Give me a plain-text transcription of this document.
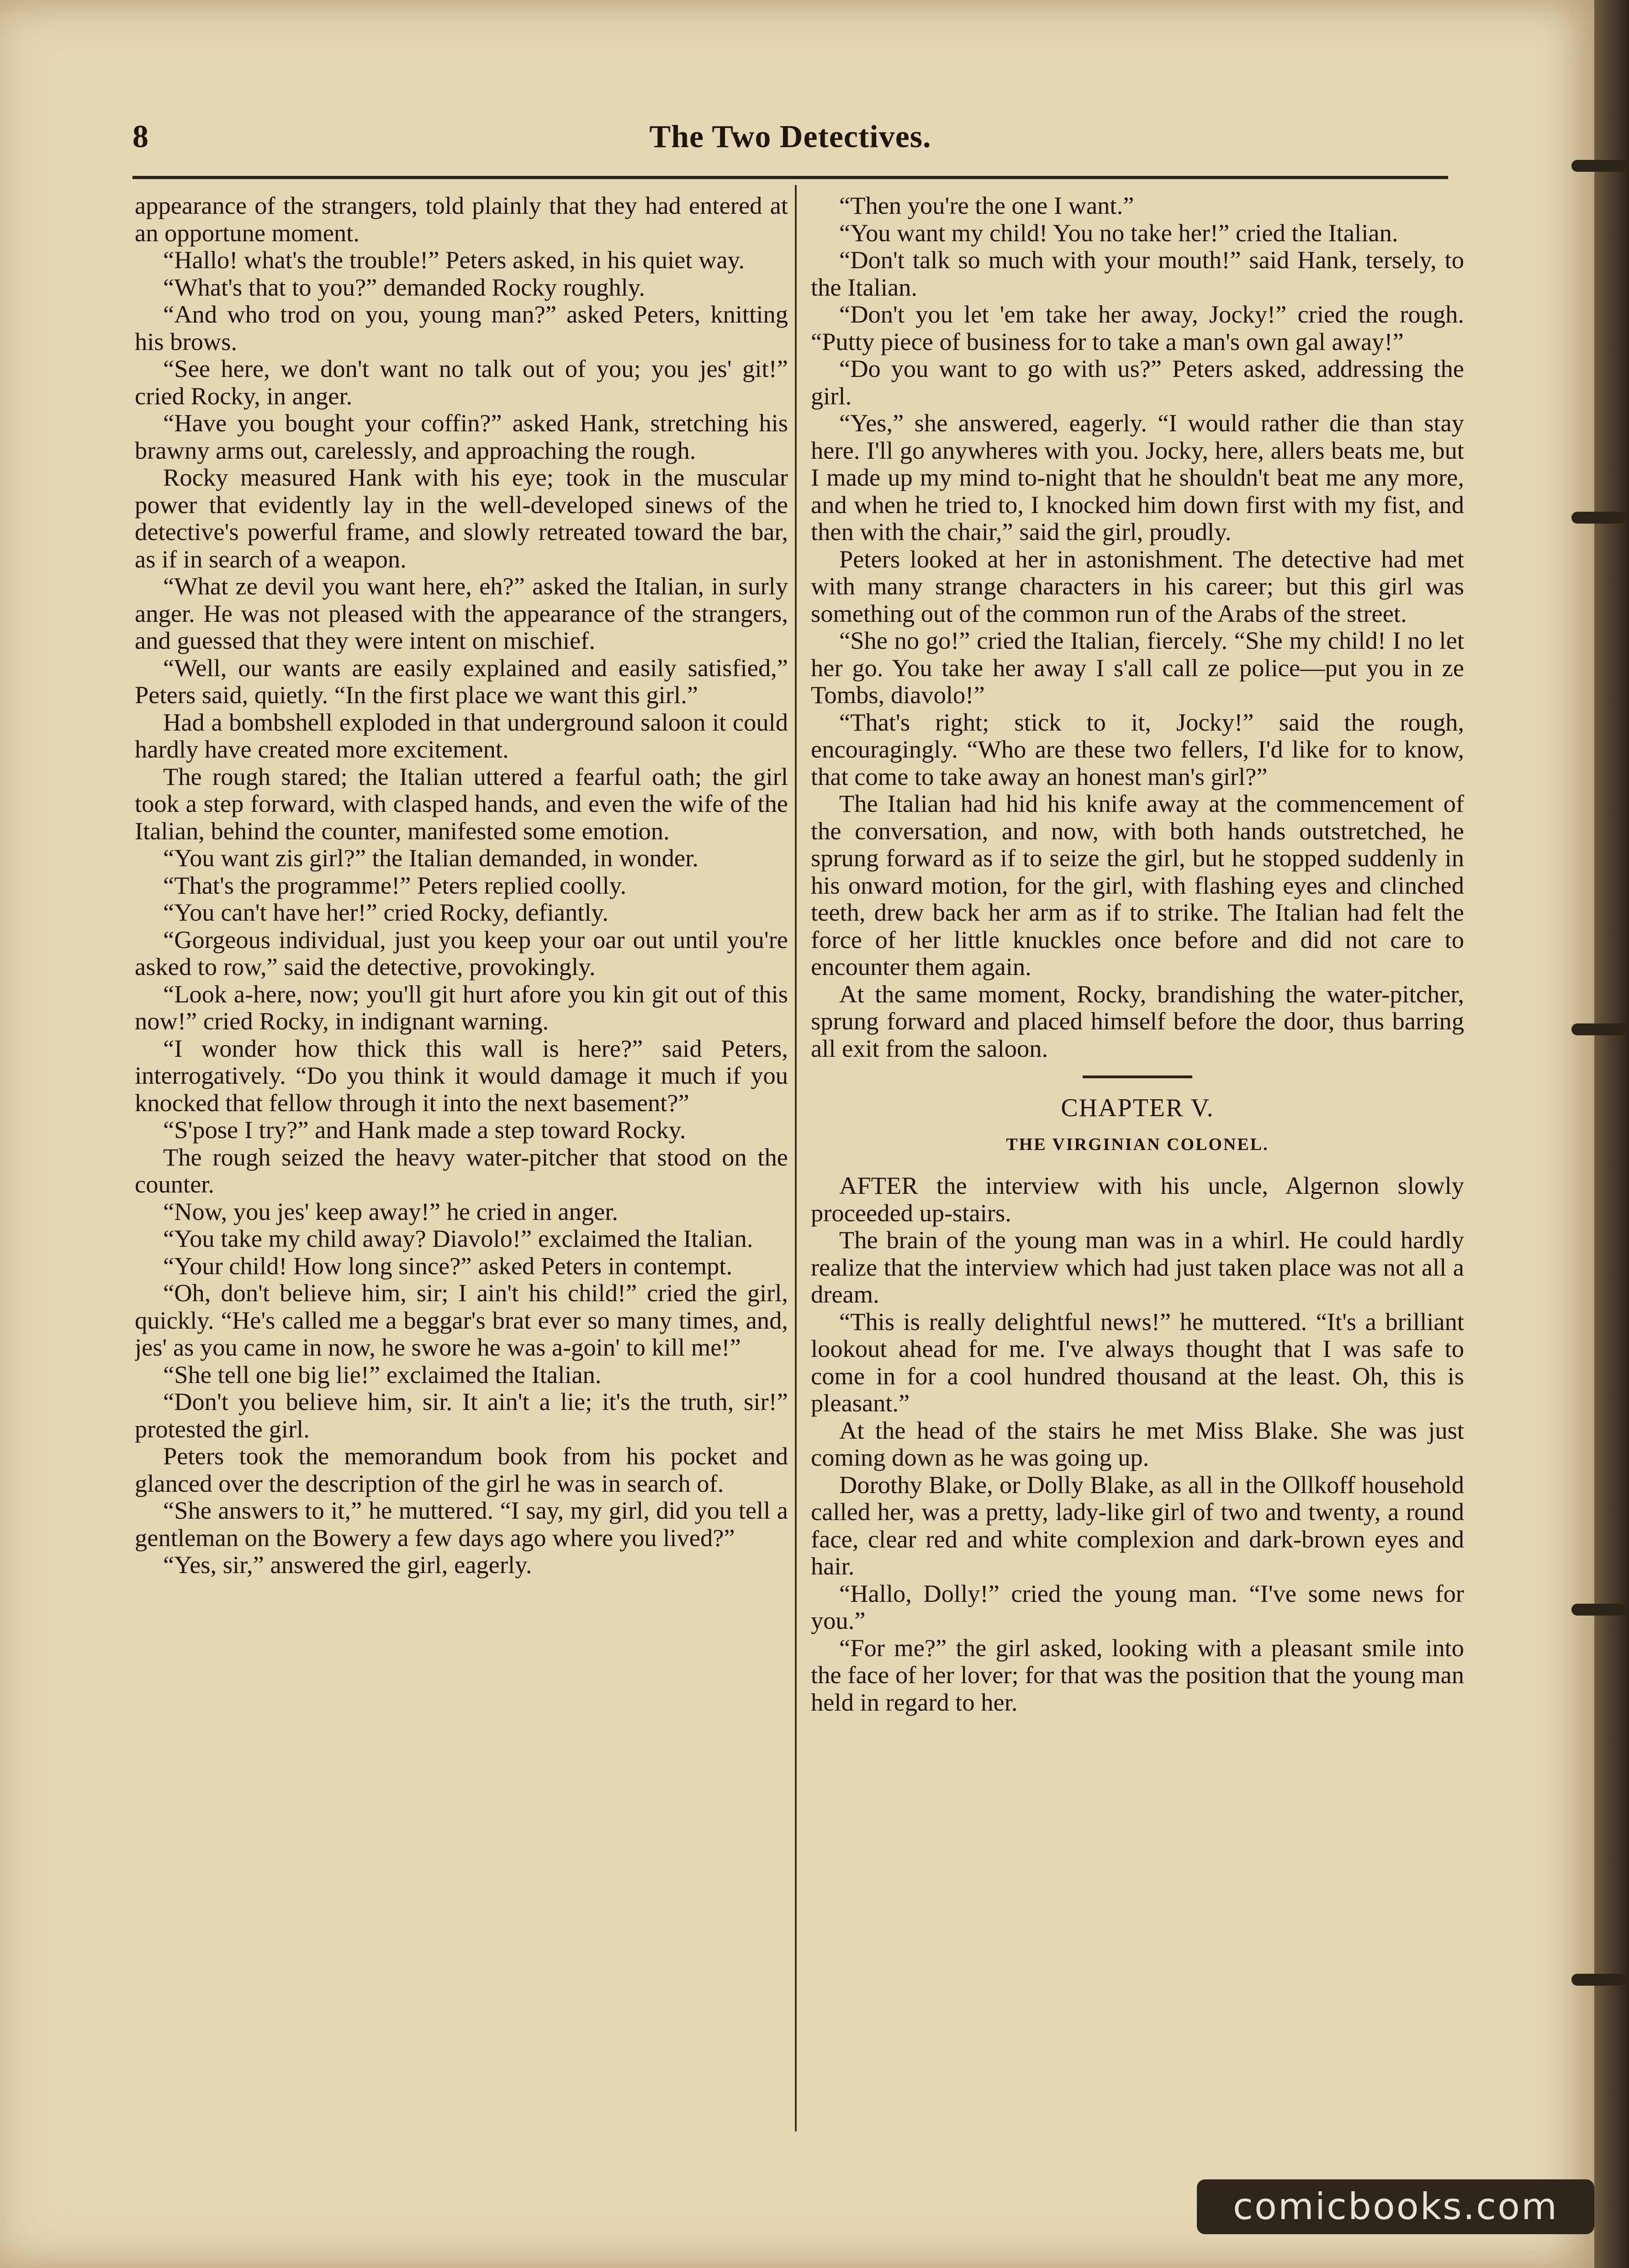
8	The Two Detectives.

appearance of the strangers, told plainly that they had entered at an opportune moment.

“Hallo! what's the trouble!” Peters asked, in his quiet way.

“What's that to you?” demanded Rocky roughly.

“And who trod on you, young man?” asked Peters, knitting his brows.

“See here, we don't want no talk out of you; you jes' git!” cried Rocky, in anger.

“Have you bought your coffin?” asked Hank, stretching his brawny arms out, carelessly, and approaching the rough.

Rocky measured Hank with his eye; took in the muscular power that evidently lay in the well-developed sinews of the detective's powerful frame, and slowly retreated toward the bar, as if in search of a weapon.

“What ze devil you want here, eh?” asked the Italian, in surly anger. He was not pleased with the appearance of the strangers, and guessed that they were intent on mischief.

“Well, our wants are easily explained and easily satisfied,” Peters said, quietly. “In the first place we want this girl.”

Had a bombshell exploded in that underground saloon it could hardly have created more excitement.

The rough stared; the Italian uttered a fearful oath; the girl took a step forward, with clasped hands, and even the wife of the Italian, behind the counter, manifested some emotion.

“You want zis girl?” the Italian demanded, in wonder.

“That's the programme!” Peters replied coolly.

“You can't have her!” cried Rocky, defiantly.

“Gorgeous individual, just you keep your oar out until you're asked to row,” said the detective, provokingly.

“Look a-here, now; you'll git hurt afore you kin git out of this now!” cried Rocky, in indignant warning.

“I wonder how thick this wall is here?” said Peters, interrogatively. “Do you think it would damage it much if you knocked that fellow through it into the next basement?”

“S'pose I try?” and Hank made a step toward Rocky.

The rough seized the heavy water-pitcher that stood on the counter.

“Now, you jes' keep away!” he cried in anger.

“You take my child away? Diavolo!” exclaimed the Italian.

“Your child! How long since?” asked Peters in contempt.

“Oh, don't believe him, sir; I ain't his child!” cried the girl, quickly. “He's called me a beggar's brat ever so many times, and, jes' as you came in now, he swore he was a-goin' to kill me!”

“She tell one big lie!” exclaimed the Italian.

“Don't you believe him, sir. It ain't a lie; it's the truth, sir!” protested the girl.

Peters took the memorandum book from his pocket and glanced over the description of the girl he was in search of.

“She answers to it,” he muttered. “I say, my girl, did you tell a gentleman on the Bowery a few days ago where you lived?”

“Yes, sir,” answered the girl, eagerly.

“Then you're the one I want.”

“You want my child! You no take her!” cried the Italian.

“Don't talk so much with your mouth!” said Hank, tersely, to the Italian.

“Don't you let 'em take her away, Jocky!” cried the rough. “Putty piece of business for to take a man's own gal away!”

“Do you want to go with us?” Peters asked, addressing the girl.

“Yes,” she answered, eagerly. “I would rather die than stay here. I'll go anywheres with you. Jocky, here, allers beats me, but I made up my mind to-night that he shouldn't beat me any more, and when he tried to, I knocked him down first with my fist, and then with the chair,” said the girl, proudly.

Peters looked at her in astonishment. The detective had met with many strange characters in his career; but this girl was something out of the common run of the Arabs of the street.

“She no go!” cried the Italian, fiercely. “She my child! I no let her go. You take her away I s'all call ze police—put you in ze Tombs, diavolo!”

“That's right; stick to it, Jocky!” said the rough, encouragingly. “Who are these two fellers, I'd like for to know, that come to take away an honest man's girl?”

The Italian had hid his knife away at the commencement of the conversation, and now, with both hands outstretched, he sprung forward as if to seize the girl, but he stopped suddenly in his onward motion, for the girl, with flashing eyes and clinched teeth, drew back her arm as if to strike. The Italian had felt the force of her little knuckles once before and did not care to encounter them again.

At the same moment, Rocky, brandishing the water-pitcher, sprung forward and placed himself before the door, thus barring all exit from the saloon.

CHAPTER V.
THE VIRGINIAN COLONEL.

AFTER the interview with his uncle, Algernon slowly proceeded up-stairs.

The brain of the young man was in a whirl. He could hardly realize that the interview which had just taken place was not all a dream.

“This is really delightful news!” he muttered. “It's a brilliant lookout ahead for me. I've always thought that I was safe to come in for a cool hundred thousand at the least. Oh, this is pleasant.”

At the head of the stairs he met Miss Blake. She was just coming down as he was going up.

Dorothy Blake, or Dolly Blake, as all in the Ollkoff household called her, was a pretty, lady-like girl of two and twenty, a round face, clear red and white complexion and dark-brown eyes and hair.

“Hallo, Dolly!” cried the young man. “I've some news for you.”

“For me?” the girl asked, looking with a pleasant smile into the face of her lover; for that was the position that the young man held in regard to her.

comicbooks.com
